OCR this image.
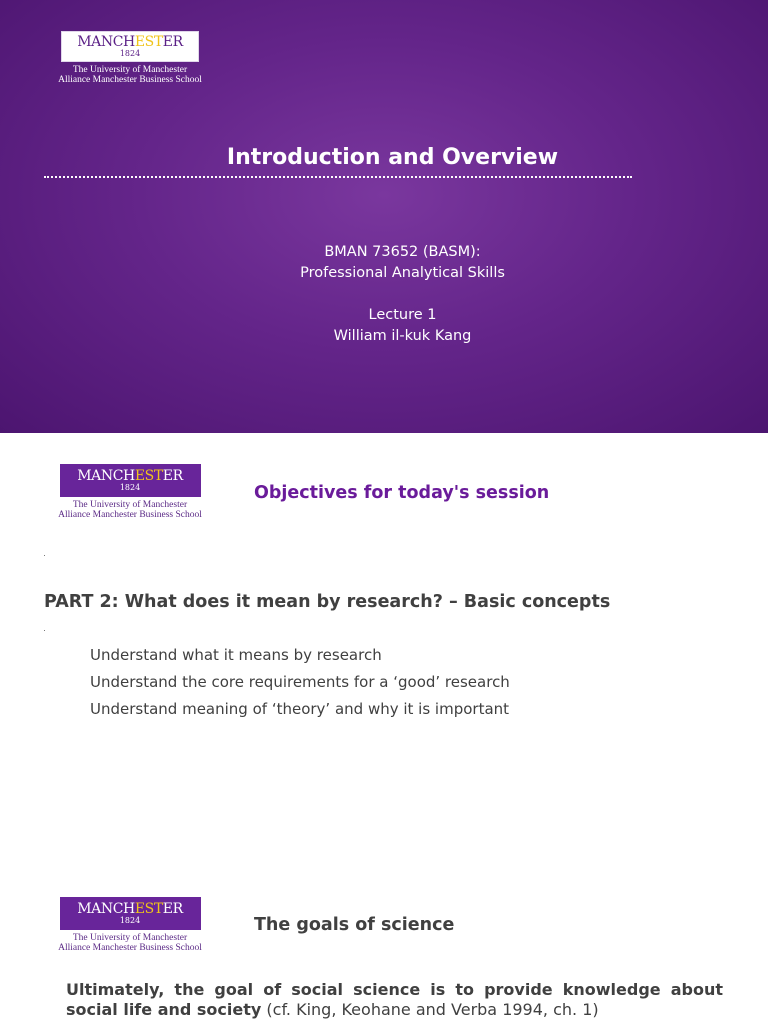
MANCHESTER
1824
The University of Manchester
Alliance Manchester Business School
Introduction and Overview
BMAN 73652 (BASM):
Professional Analytical Skills
Lecture 1
William il-kuk Kang
MANCHESTER
1824
The University of Manchester
Alliance Manchester Business School
Objectives for today's session
PART 2: What does it mean by research? – Basic concepts
Understand what it means by research
Understand the core requirements for a ‘good’ research
Understand meaning of ‘theory’ and why it is important
MANCHESTER
1824
The University of Manchester
Alliance Manchester Business School
The goals of science

Ultimately, the goal of social science is to provide knowledge about social life and society (cf. King, Keohane and Verba 1994, ch. 1)
